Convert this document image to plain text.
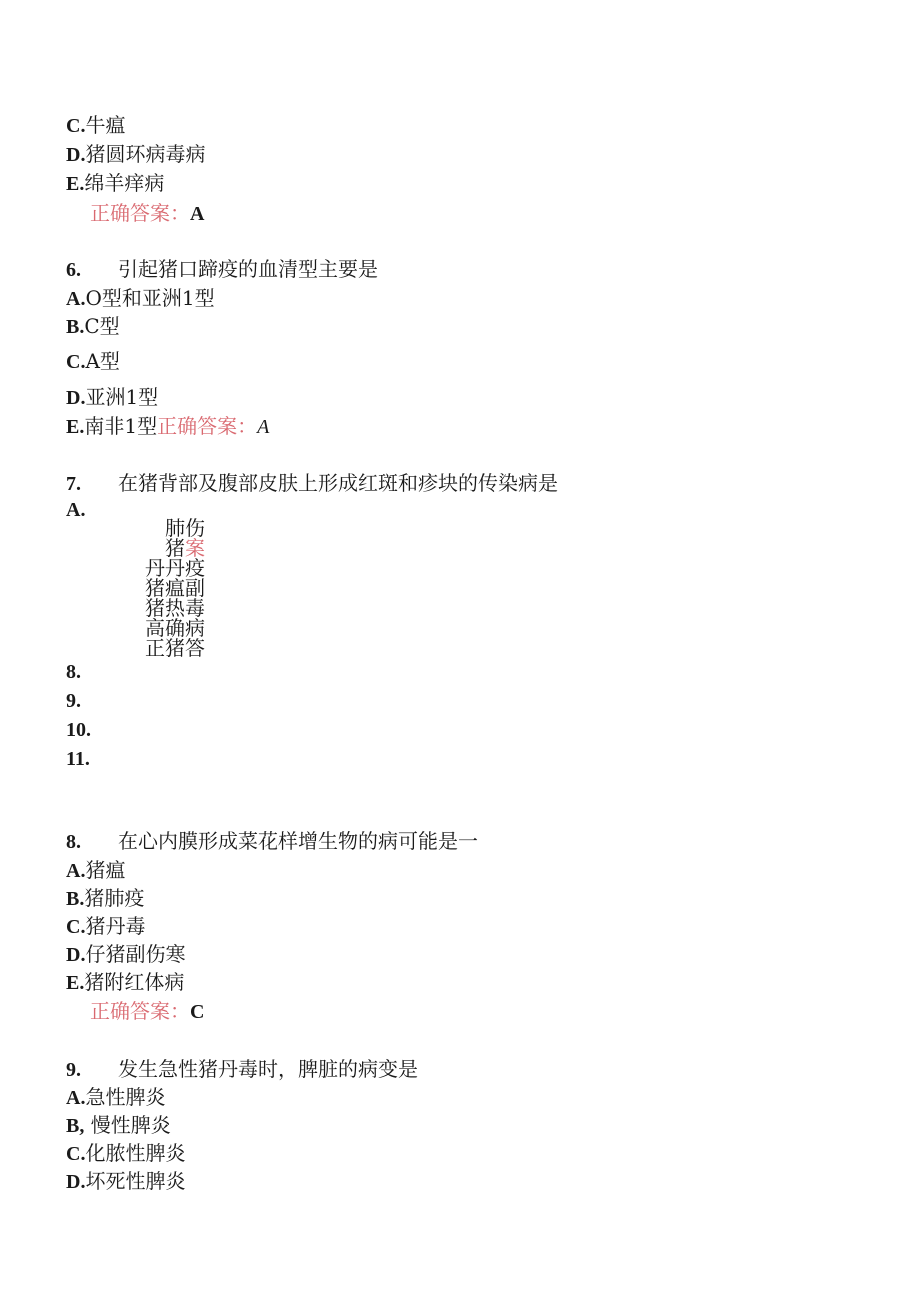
C.牛瘟
D.猪圆环病毒病
E.绵羊痒病
正确答案：A
6. 引起猪口蹄疫的血清型主要是
A.O型和亚洲1型
B.C型
C.A型
D.亚洲1型
E.南非1型正确答案：A
7. 在猪背部及腹部皮肤上形成红斑和疹块的传染病是
A.
丹
猪
猪
高
正
肺
猪
丹
瘟
热
确
猪
伤
案
疫
副
毒
病
答
8.
9.
10.
11.
8. 在心内膜形成菜花样增生物的病可能是一
A.猪瘟
B.猪肺疫
C.猪丹毒
D.仔猪副伤寒
E.猪附红体病
正确答案：C
9. 发生急性猪丹毒时，脾脏的病变是
A.急性脾炎
B, 慢性脾炎
C.化脓性脾炎
D.坏死性脾炎
